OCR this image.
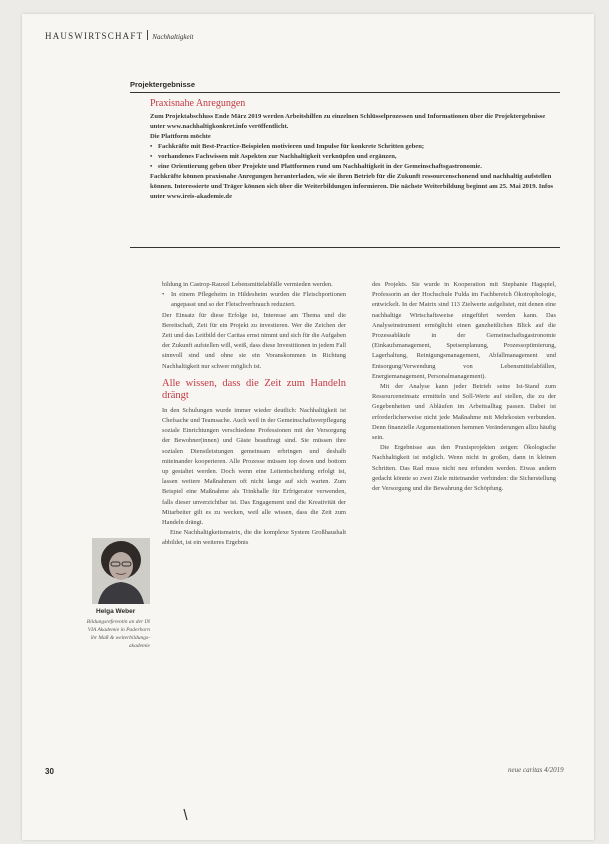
HAUSWIRTSCHAFT Nachhaltigkeit
Projektergebnisse
Praxisnahe Anregungen

Zum Projektabschluss Ende März 2019 werden Arbeitshilfen zu einzelnen Schlüsselprozessen und Informationen über die Projektergebnisse unter www.nachhaltigkonkret.info veröffentlicht.

Die Plattform möchte

• Fachkräfte mit Best-Practice-Beispielen motivieren und Impulse für konkrete Schritten geben;
• vorhandenes Fachwissen mit Aspekten zur Nachhaltigkeit verknüpfen und ergänzen,
• eine Orientierung geben über Projekte und Plattformen rund um Nachhaltigkeit in der Gemeinschaftsgastronomie.

Fachkräfte können praxisnahe Anregungen heranterladen, wie sie ihren Betrieb für die Zukunft ressourcenschonend und nachhaltig aufstellen können. Interessierte und Träger können sich über die Weiterbildungen informieren. Die nächste Weiterbildung beginnt am 25. Mai 2019. Infos unter www.ireis-akademie.de

bildung in Castrop-Rauxel Lebensmittelabfälle vermieden werden.

• In einem Pflegeheim in Hildesheim wurden die Fleischportionen angepasst und so der Fleischverbrauch reduziert.

Der Einsatz für diese Erfolge ist, Interesse am Thema und die Bereitschaft, Zeit für ein Projekt zu investieren. Wer die Zeichen der Zeit und das Leitbild der Caritas ernst nimmt und sich für die Aufgaben der Zukunft aufstellen will, weiß, dass diese Investitionen in jedem Fall sinnvoll sind und ohne sie ein Voranskommen in Richtung Nachhaltigkeit nur schwer möglich ist.

Alle wissen, dass die Zeit zum Handeln drängt

In den Schulungen wurde immer wieder deutlich: Nachhaltigkeit ist Chefsache und Teamsache. Auch weil in der Gemeinschaftsverpflegung soziale Einrichtungen verschiedene Professionen mit der Versorgung der Bewohner(innen) und Gäste beauftragt sind. Sie müssen ihre sozialen Dienstleistungen gemeinsam erbringen und deshalb miteinander kooperieren. Alle Prozesse müssen top down und bottom up gestaltet werden. Doch wenn eine Leitentscheidung erfolgt ist, lassen weitere Maßnahmen oft nicht lange auf sich warten. Zum Beispiel eine Maßnahme als Trinkhalle für Erfrigerator verwenden, falls dieser unverzichtbar ist. Das Engagement und die Kreativität der Mitarbeiter gilt es zu wecken, weil alle wissen, dass die Zeit zum Handeln drängt.

Eine Nachhaltigkeitsmatrix, die die komplexe System Großhaushalt abbildet, ist ein weiteres Ergebnis

des Projekts. Sie wurde in Kooperation mit Stephanie Hagspiel, Professorin an der Hochschule Fulda im Fachbereich Ökotrophologie, entwickelt. In der Matrix sind 113 Zielwerte aufgelistet, mit denen eine nachhaltige Wirtschaftsweise eingeführt werden kann. Das Analyseinstrument ermöglicht einen ganzheitlichen Blick auf die Prozessabläufe in der Gemeinschaftsgastronomie (Einkaufsmanagement, Speisenplanung, Prozessoptimierung, Lagerhaltung, Reinigungsmanagement, Abfallmanagement und Entsorgung/Verwendung von Lebensmittelabfällen, Energiemanagement, Personalmanagement).

Mit der Analyse kann jeder Betrieb seine Ist-Stand zum Ressourceneinsatz ermitteln und Soll-Werte auf stellen, die zu der Gegebenheiten und Abläufen im Arbeitsalltag passen. Dabei ist erforderlicherweise nicht jede Maßnahme mit Mehrkosten verbunden. Denn finanzielle Argumentationen hemmen Veränderungen allzu häufig sein.

Die Ergebnisse aus den Praxisprojekten zeigen: Ökologische Nachhaltigkeit ist möglich. Wenn nicht in großen, dann in kleinen Schritten. Das Rad muss nicht neu erfunden werden. Etwas andern gedacht könnte so zwei Ziele miteinander verbinden: die Sicherstellung der Versorgung und die Bewahrung der Schöpfung.

Helga Weber
Bildungsreferentin an der IN VIA Akademie in Paderborn ihr Maß & weiterbildungs-akademie
30	neue caritas 4/2019
